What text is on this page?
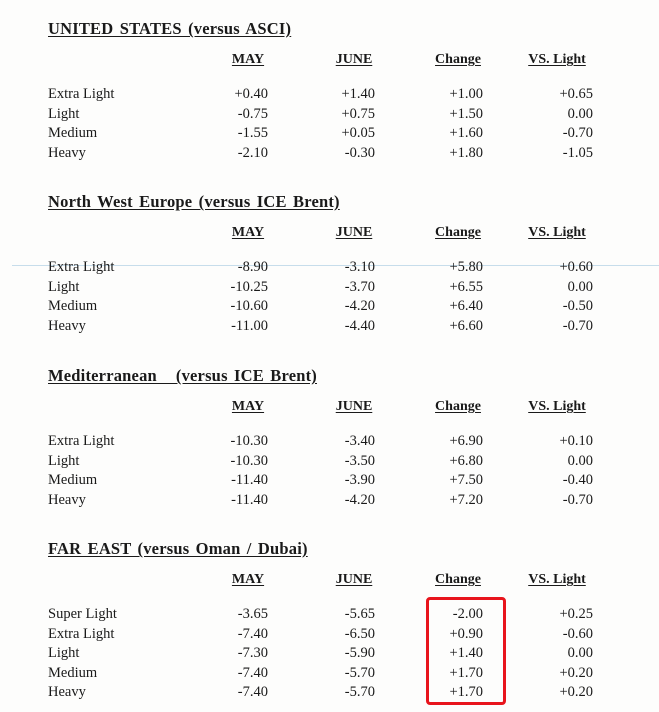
UNITED STATES (versus ASCI)
MAY	JUNE	Change	VS. Light
Extra Light	+0.40	+1.40	+1.00	+0.65
Light	-0.75	+0.75	+1.50	0.00
Medium	-1.55	+0.05	+1.60	-0.70
Heavy	-2.10	-0.30	+1.80	-1.05
North West Europe (versus ICE Brent)
MAY	JUNE	Change	VS. Light
Extra Light	-8.90	-3.10	+5.80	+0.60
Light	-10.25	-3.70	+6.55	0.00
Medium	-10.60	-4.20	+6.40	-0.50
Heavy	-11.00	-4.40	+6.60	-0.70
Mediterranean   (versus ICE Brent)
MAY	JUNE	Change	VS. Light
Extra Light	-10.30	-3.40	+6.90	+0.10
Light	-10.30	-3.50	+6.80	0.00
Medium	-11.40	-3.90	+7.50	-0.40
Heavy	-11.40	-4.20	+7.20	-0.70
FAR EAST (versus Oman / Dubai)
MAY	JUNE	Change	VS. Light
Super Light	-3.65	-5.65	-2.00	+0.25
Extra Light	-7.40	-6.50	+0.90	-0.60
Light	-7.30	-5.90	+1.40	0.00
Medium	-7.40	-5.70	+1.70	+0.20
Heavy	-7.40	-5.70	+1.70	+0.20
